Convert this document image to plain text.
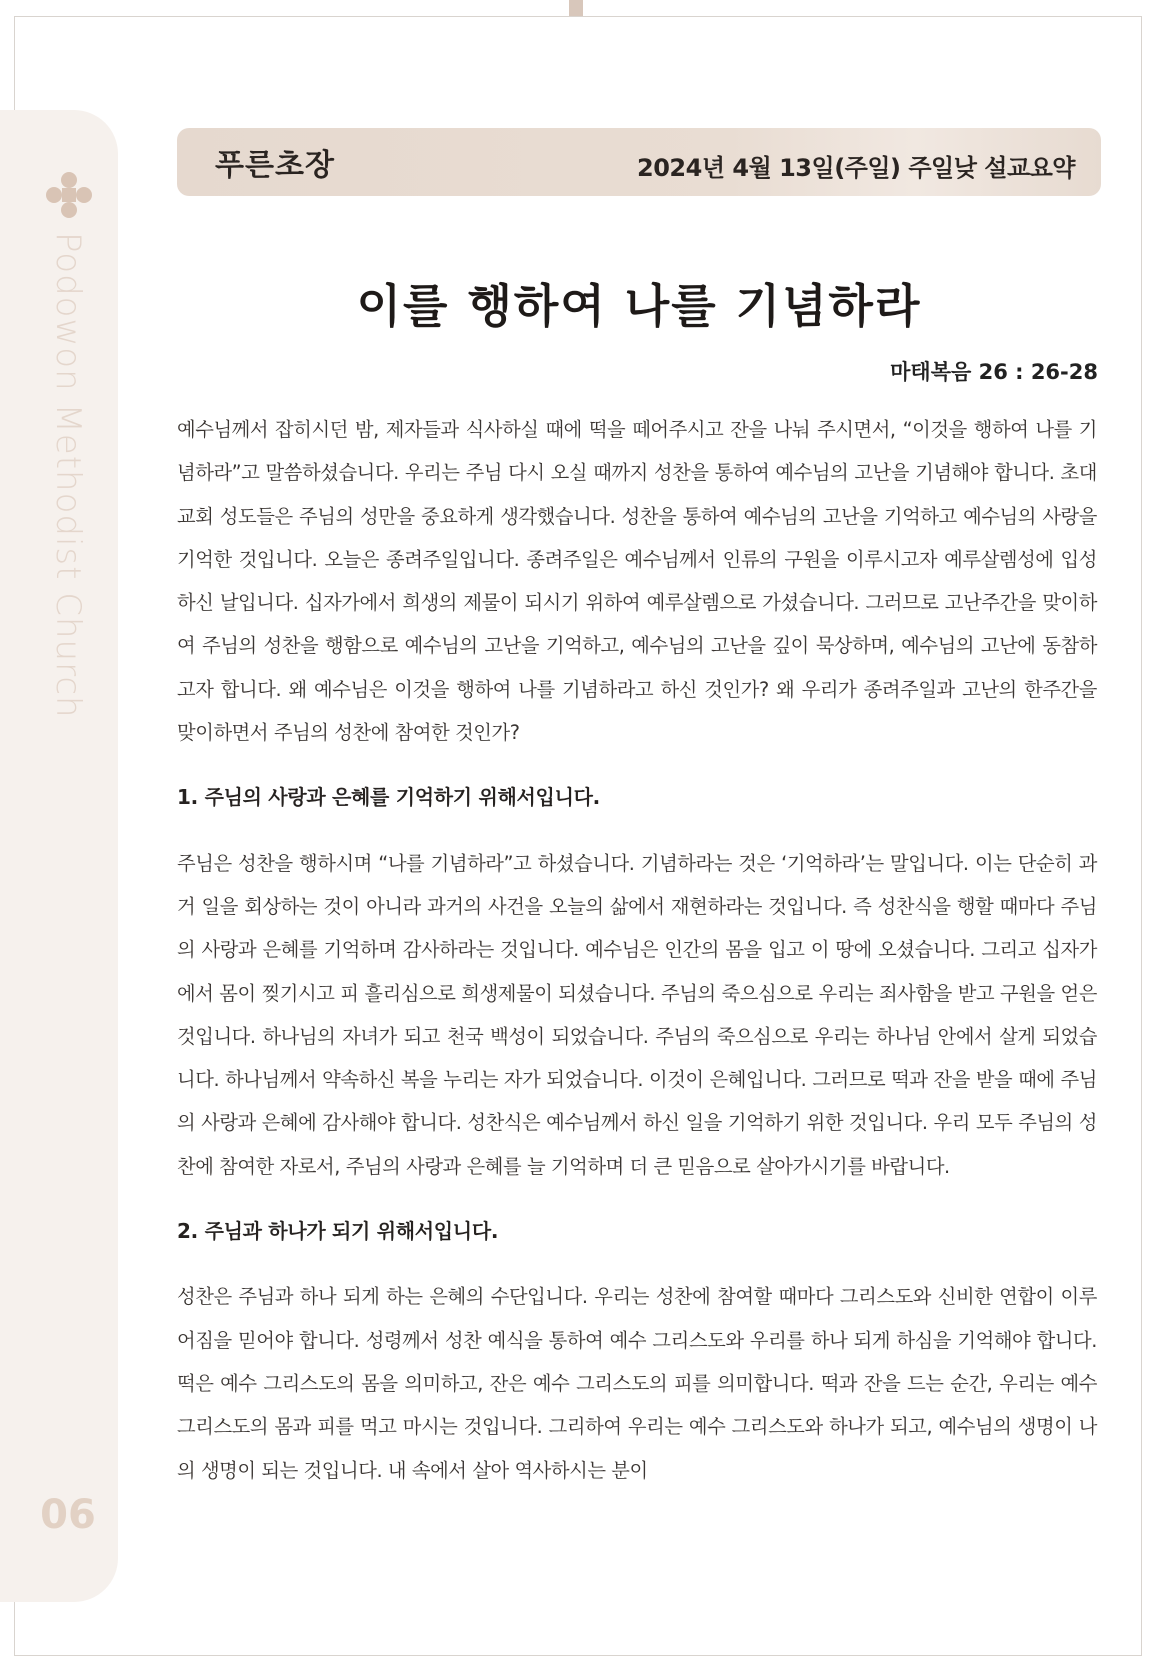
Podowon Methodist Church
06
푸른초장	2024년 4월 13일(주일) 주일낮 설교요약
이를 행하여 나를 기념하라
마태복음 26 : 26-28

예수님께서 잡히시던 밤, 제자들과 식사하실 때에 떡을 떼어주시고 잔을 나눠 주시면서, “이것을 행하여 나를 기념하라”고 말씀하셨습니다. 우리는 주님 다시 오실 때까지 성찬을 통하여 예수님의 고난을 기념해야 합니다. 초대교회 성도들은 주님의 성만을 중요하게 생각했습니다. 성찬을 통하여 예수님의 고난을 기억하고 예수님의 사랑을 기억한 것입니다. 오늘은 종려주일입니다. 종려주일은 예수님께서 인류의 구원을 이루시고자 예루살렘성에 입성하신 날입니다. 십자가에서 희생의 제물이 되시기 위하여 예루살렘으로 가셨습니다. 그러므로 고난주간을 맞이하여 주님의 성찬을 행함으로 예수님의 고난을 기억하고, 예수님의 고난을 깊이 묵상하며, 예수님의 고난에 동참하고자 합니다. 왜 예수님은 이것을 행하여 나를 기념하라고 하신 것인가? 왜 우리가 종려주일과 고난의 한주간을 맞이하면서 주님의 성찬에 참여한 것인가?

1. 주님의 사랑과 은혜를 기억하기 위해서입니다.

주님은 성찬을 행하시며 “나를 기념하라”고 하셨습니다. 기념하라는 것은 ‘기억하라’는 말입니다. 이는 단순히 과거 일을 회상하는 것이 아니라 과거의 사건을 오늘의 삶에서 재현하라는 것입니다. 즉 성찬식을 행할 때마다 주님의 사랑과 은혜를 기억하며 감사하라는 것입니다. 예수님은 인간의 몸을 입고 이 땅에 오셨습니다. 그리고 십자가에서 몸이 찢기시고 피 흘리심으로 희생제물이 되셨습니다. 주님의 죽으심으로 우리는 죄사함을 받고 구원을 얻은 것입니다. 하나님의 자녀가 되고 천국 백성이 되었습니다. 주님의 죽으심으로 우리는 하나님 안에서 살게 되었습니다. 하나님께서 약속하신 복을 누리는 자가 되었습니다. 이것이 은혜입니다. 그러므로 떡과 잔을 받을 때에 주님의 사랑과 은혜에 감사해야 합니다. 성찬식은 예수님께서 하신 일을 기억하기 위한 것입니다. 우리 모두 주님의 성찬에 참여한 자로서, 주님의 사랑과 은혜를 늘 기억하며 더 큰 믿음으로 살아가시기를 바랍니다.

2. 주님과 하나가 되기 위해서입니다.

성찬은 주님과 하나 되게 하는 은혜의 수단입니다. 우리는 성찬에 참여할 때마다 그리스도와 신비한 연합이 이루어짐을 믿어야 합니다. 성령께서 성찬 예식을 통하여 예수 그리스도와 우리를 하나 되게 하심을 기억해야 합니다. 떡은 예수 그리스도의 몸을 의미하고, 잔은 예수 그리스도의 피를 의미합니다. 떡과 잔을 드는 순간, 우리는 예수 그리스도의 몸과 피를 먹고 마시는 것입니다. 그리하여 우리는 예수 그리스도와 하나가 되고, 예수님의 생명이 나의 생명이 되는 것입니다. 내 속에서 살아 역사하시는 분이
